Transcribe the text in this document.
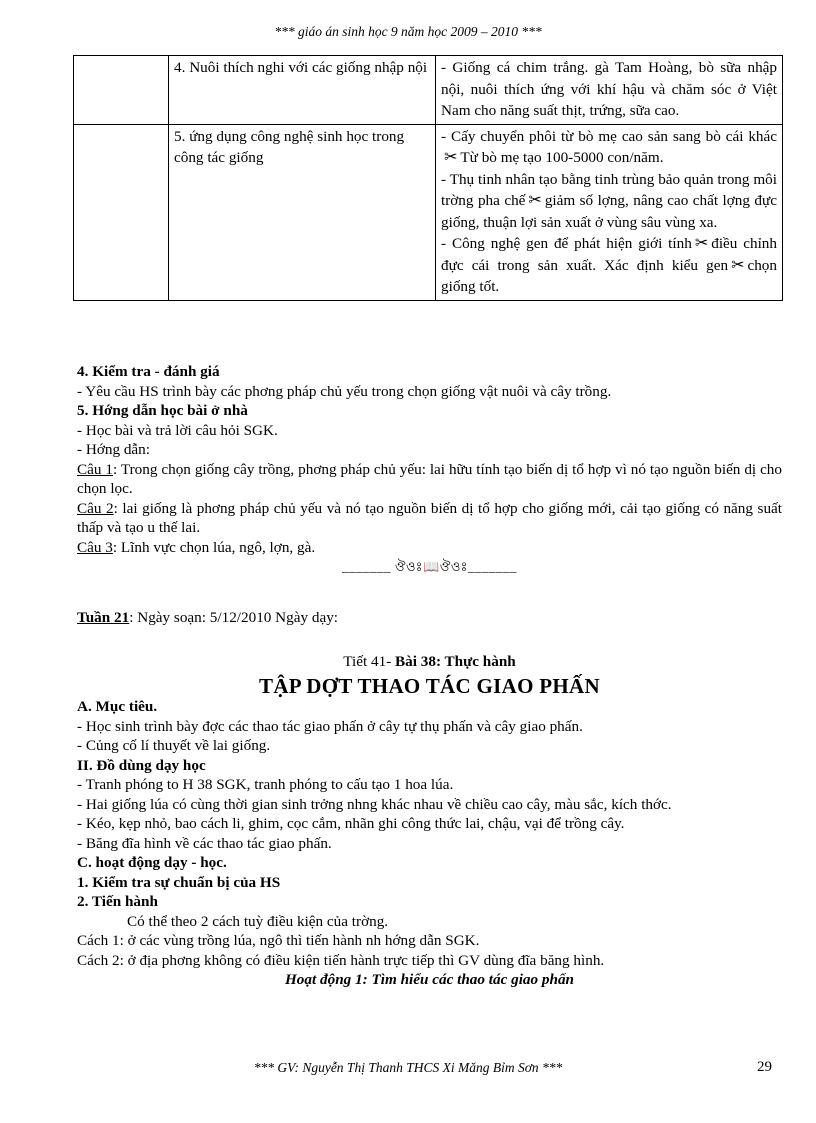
*** giáo án sinh học 9 năm học 2009 – 2010 ***
	4. Nuôi thích nghi với các giống nhập nội	- Giống cá chim trắng. gà Tam Hoàng, bò sữa nhập nội, nuôi thích ứng với khí hậu và chăm sóc ở Việt Nam cho năng suất thịt, trứng, sữa cao.
	5. ứng dụng công nghệ sinh học trong công tác giống	- Cấy chuyển phôi từ bò mẹ cao sản sang bò cái khác✂ Từ bò mẹ tạo 100-5000 con/năm.
- Thụ tinh nhân tạo bằng tinh trùng bảo quản trong môi trờng pha chế ✂ giảm số lợng, nâng cao chất lợng đực giống, thuận lợi sản xuất ở vùng sâu vùng xa.
- Công nghệ gen để phát hiện giới tính ✂ điều chỉnh đực cái trong sản xuất. Xác định kiểu gen ✂ chọn giống tốt.

4. Kiểm tra - đánh giá

- Yêu cầu HS trình bày các phơng pháp chủ yếu trong chọn giống vật nuôi và cây trồng.

5. Hớng dẫn học bài ở nhà

- Học bài và trả lời câu hỏi SGK.

- Hớng dẫn:

Câu 1: Trong chọn giống cây trồng, phơng pháp chủ yếu: lai hữu tính tạo biến dị tổ hợp vì nó tạo nguồn biến dị cho chọn lọc.

Câu 2: lai giống là phơng pháp chủ yếu và nó tạo nguồn biến dị tổ hợp cho giống mới, cải tạo giống có năng suất thấp và tạo u thế lai.

Câu 3: Lĩnh vực chọn lúa, ngô, lợn, gà.

_______ ঔওঃ📖ঔওঃ_______

Tuần 21: Ngày soạn: 5/12/2010 Ngày dạy:

Tiết 41- Bài 38: Thực hành

TẬP DỢT THAO TÁC GIAO PHẤN

A. Mục tiêu.

- Học sinh trình bày đợc các thao tác giao phấn ở cây tự thụ phấn và cây giao phấn.

- Củng cố lí thuyết về lai giống.

II. Đồ dùng dạy học

- Tranh phóng to H 38 SGK, tranh phóng to cấu tạo 1 hoa lúa.

- Hai giống lúa có cùng thời gian sinh trởng nhng khác nhau về chiều cao cây, màu sắc, kích thớc.

- Kéo, kẹp nhỏ, bao cách li, ghim, cọc cắm, nhãn ghi công thức lai, chậu, vại để trồng cây.

- Băng đĩa hình về các thao tác giao phấn.

C. hoạt động dạy - học.

1. Kiểm tra sự chuẩn bị của HS

2. Tiến hành

Có thể theo 2 cách tuỳ điều kiện của trờng.

Cách 1: ở các vùng trồng lúa, ngô thì tiến hành nh hớng dẫn SGK.

Cách 2: ở địa phơng không có điều kiện tiến hành trực tiếp thì GV dùng đĩa băng hình.

Hoạt động 1: Tìm hiểu các thao tác giao phấn

*** GV: Nguyễn Thị Thanh THCS Xi Măng Bỉm Sơn ***	29
